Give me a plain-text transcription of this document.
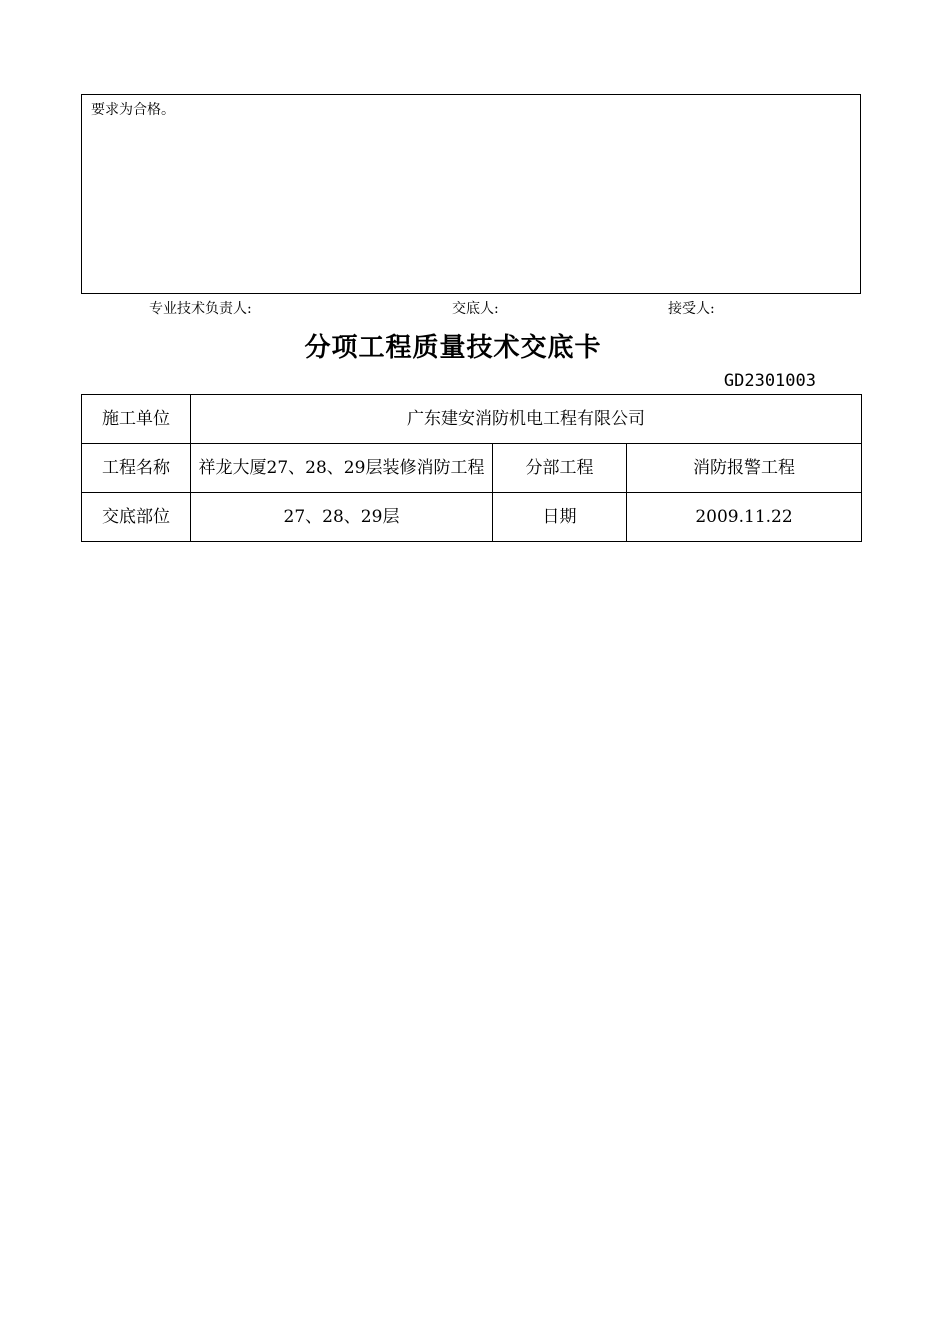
要求为合格。
专业技术负责人:	交底人:	接受人:
分项工程质量技术交底卡
GD2301003
施工单位	广东建安消防机电工程有限公司		
工程名称	祥龙大厦27、28、29层装修消防工程	分部工程	消防报警工程
交底部位	27、28、29层	日期	2009.11.22
